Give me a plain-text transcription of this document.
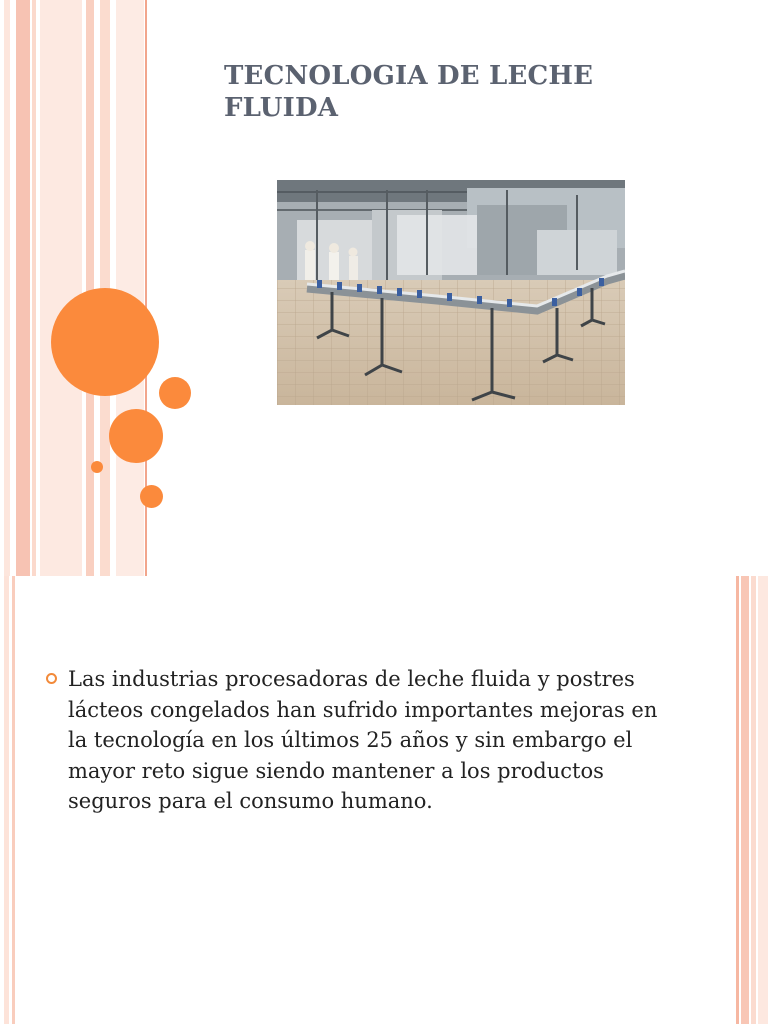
TECNOLOGIA DE LECHE
FLUIDA
Las industrias procesadoras de leche fluida y postres
lácteos congelados han sufrido importantes mejoras en
la tecnología en los últimos 25 años y sin embargo el
mayor reto sigue siendo mantener a los productos
seguros para el consumo humano.
